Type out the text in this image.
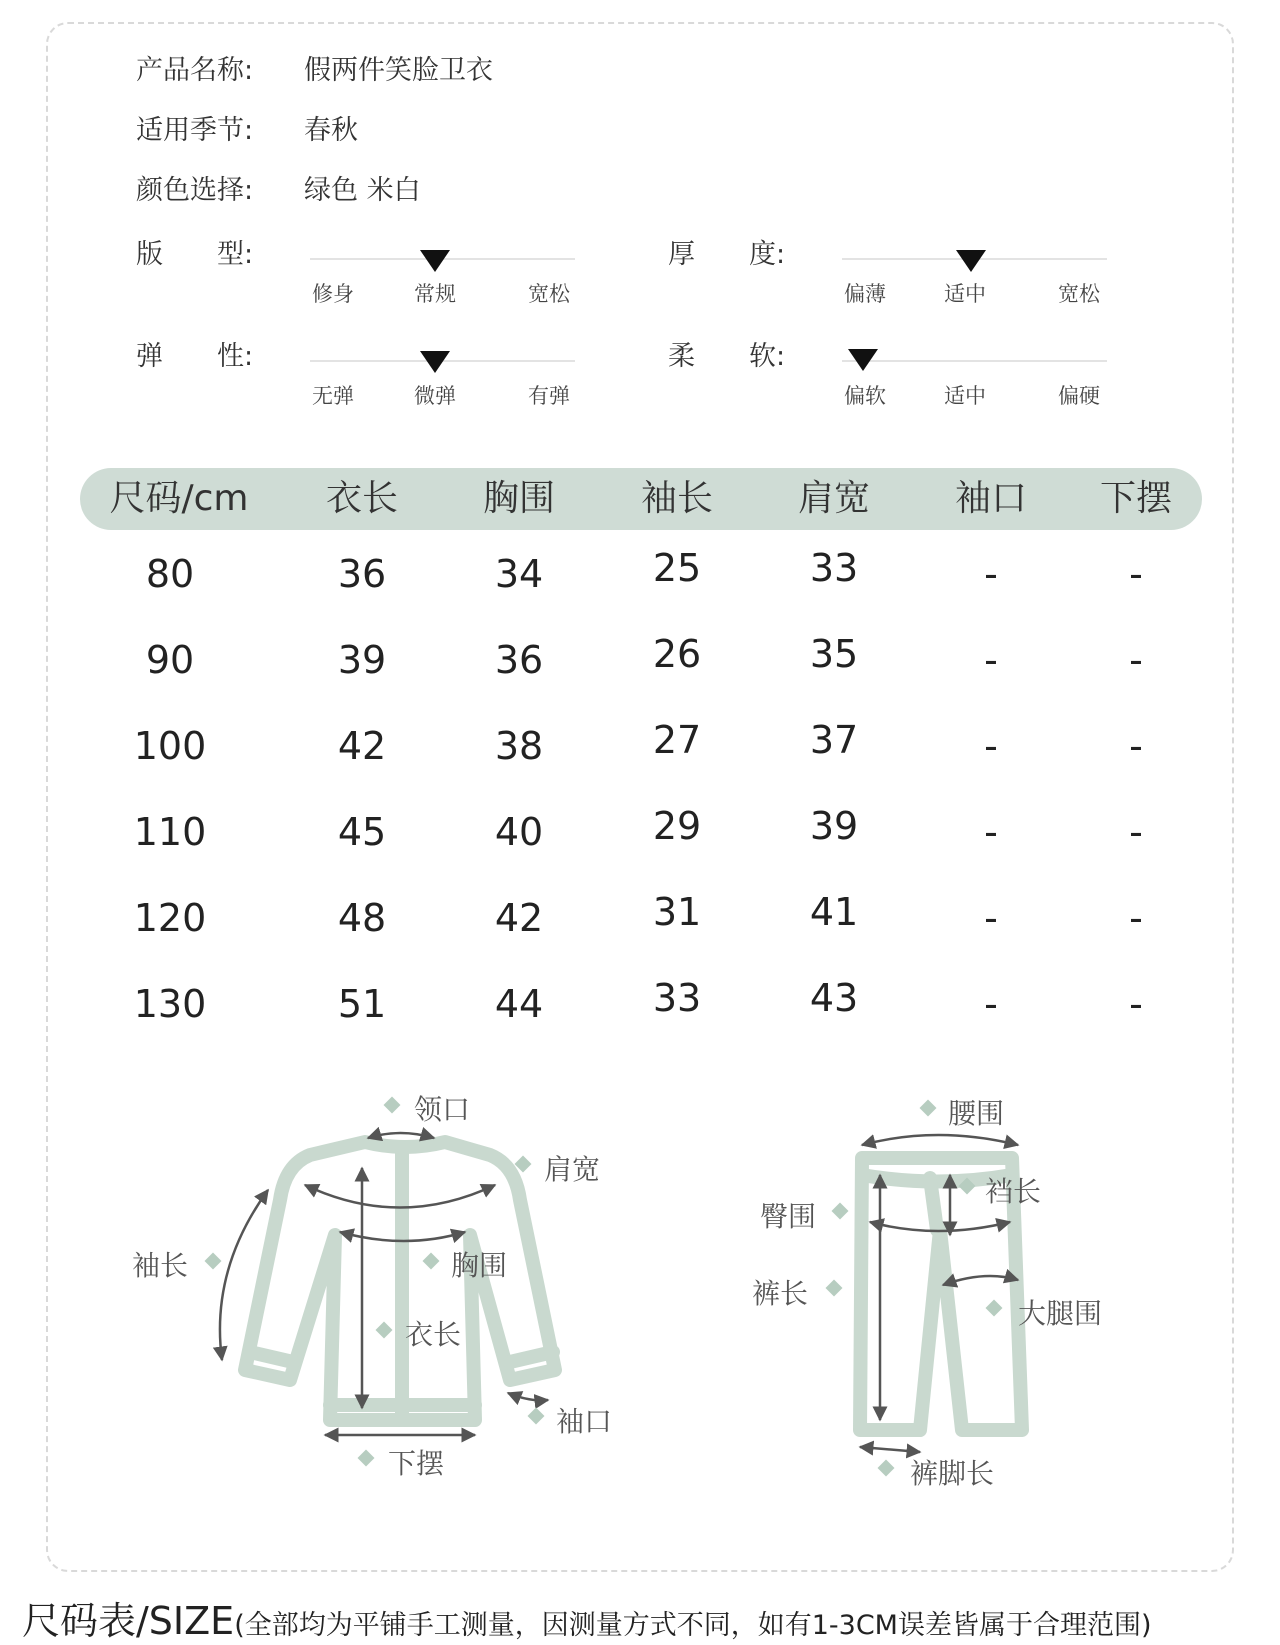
产品名称: 假两件笑脸卫衣
适用季节: 春秋
颜色选择: 绿色 米白
版　　型:
修身	常规	宽松
厚　　度:
偏薄	适中	宽松
弹　　性:
无弹	微弹	有弹
柔　　软:
偏软	适中	偏硬
尺码/cm	衣长	胸围	袖长	肩宽	袖口	下摆
80	36	34	25	33	-	-
90	39	36	26	35	-	-
100	42	38	27	37	-	-
110	45	40	29	39	-	-
120	48	42	31	41	-	-
130	51	44	33	43	-	-
领口
肩宽
袖长	胸围
衣长
袖口
下摆
腰围
裆长
臀围
裤长
大腿围
裤脚长
尺码表/SIZE(全部均为平铺手工测量，因测量方式不同，如有1-3CM误差皆属于合理范围)
